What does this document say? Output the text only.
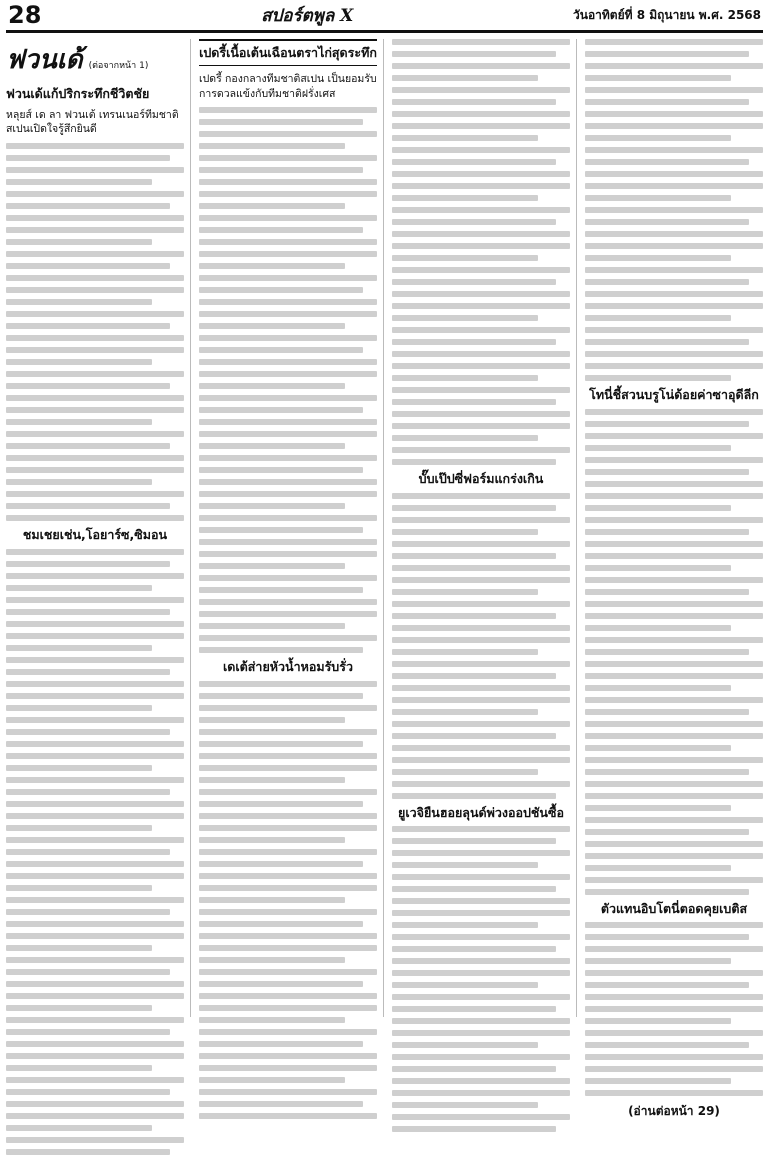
28	สปอร์ตพูล X	วันอาทิตย์ที่ 8 มิถุนายน พ.ศ. 2568
ฟวนเด้ (ต่อจากหน้า 1)
ฟวนเด้แก้ปริกระทึกชีวิตชัย
หลุยส์ เด ลา ฟวนเต้ เทรนเนอร์ทีมชาติสเปนเปิดใจรู้สึกยินดี
ชมเชยเช่น,โอยาร์ซ,ซิมอน
เปดรี้เนื้อเต้นเฉือนตราไก่สุดระทึก
เปดรี้ กองกลางทีมชาติสเปน เป็นยอมรับการดวลแข้งกับทีมชาติฝรั่งเศส
เดเต้ส่ายหัวน้ำหอมรับรั่ว
บั๊บเป๊ปซี่ฟอร์มแกร่งเกิน
ยูเวจิยืนฮอยลุนด์พ่วงออปชันซื้อ
โทนี่ชี้สวนบรูโน่ด้อยค่าซาอุดีลีก
ตัวแทนอิบโตนี่ตอดคุยเบติส
(อ่านต่อหน้า 29)
